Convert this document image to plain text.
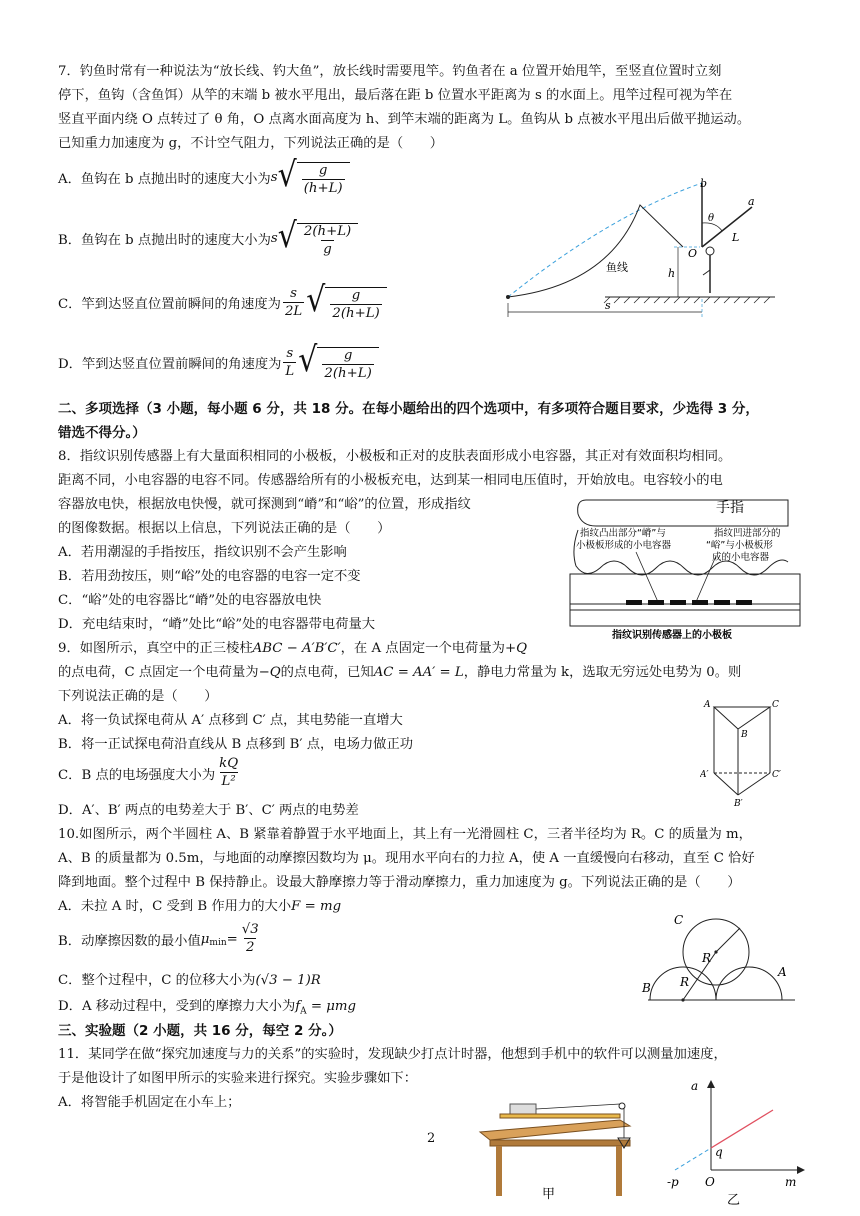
7．钓鱼时常有一种说法为“放长线、钓大鱼”，放长线时需要甩竿。钓鱼者在 a 位置开始甩竿，至竖直位置时立刻
停下，鱼钩（含鱼饵）从竿的末端 b 被水平甩出，最后落在距 b 位置水平距离为 s 的水面上。甩竿过程可视为竿在
竖直平面内绕 O 点转过了 θ 角，O 点离水面高度为 h、到竿末端的距离为 L。鱼钩从 b 点被水平甩出后做平抛运动。
已知重力加速度为 g，不计空气阻力，下列说法正确的是（　　）
A．鱼钩在 b 点抛出时的速度大小为 s √ $\frac{g}{(h+L)}$
B．鱼钩在 b 点抛出时的速度大小为 s √ $\frac{2(h+L)}{g}$
C．竿到达竖直位置前瞬间的角速度为 $\frac{s}{2L}$ √ $\frac{g}{2(h+L)}$
D．竿到达竖直位置前瞬间的角速度为 $\frac{s}{L}$ √ $\frac{g}{2(h+L)}$
b
a
O
θ
L
h
s
鱼线
二、多项选择（3 小题，每小题 6 分，共 18 分。在每小题给出的四个选项中，有多项符合题目要求，少选得 3 分，
错选不得分。）
8．指纹识别传感器上有大量面积相同的小极板，小极板和正对的皮肤表面形成小电容器，其正对有效面积均相同。
距离不同，小电容器的电容不同。传感器给所有的小极板充电，达到某一相同电压值时，开始放电。电容较小的电
容器放电快，根据放电快慢，就可探测到“嵴”和“峪”的位置，形成指纹
的图像数据。根据以上信息，下列说法正确的是（　　）
A．若用潮湿的手指按压，指纹识别不会产生影响
B．若用劲按压，则“峪”处的电容器的电容一定不变
C．“峪”处的电容器比“嵴”处的电容器放电快
D．充电结束时，“嵴”处比“峪”处的电容器带电荷量大
手指
指纹凸出部分“嵴”与
小极板形成的小电容器
指纹凹进部分的
“峪”与小极板形
成的小电容器
指纹识别传感器上的小极板
9．如图所示，真空中的正三棱柱ABC − A′B′C′，在 A 点固定一个电荷量为+Q
的点电荷，C 点固定一个电荷量为−Q的点电荷，已知AC = AA′ = L，静电力常量为 k，选取无穷远处电势为 0。则
下列说法正确的是（　　）
A．将一负试探电荷从 A′ 点移到 C′ 点，其电势能一直增大
B．将一正试探电荷沿直线从 B 点移到 B′ 点，电场力做正功
C．B 点的电场强度大小为 $\frac{kQ}{\text{L²}}$
D．A′、B′ 两点的电势差大于 B′、C′ 两点的电势差
A	C
B
A′	C′
B′
10.如图所示，两个半圆柱 A、B 紧靠着静置于水平地面上，其上有一光滑圆柱 C，三者半径均为 R。C 的质量为 m，
A、B 的质量都为 0.5m，与地面的动摩擦因数均为 μ。现用水平向右的力拉 A，使 A 一直缓慢向右移动，直至 C 恰好
降到地面。整个过程中 B 保持静止。设最大静摩擦力等于滑动摩擦力，重力加速度为 g。下列说法正确的是（　　）
A．未拉 A 时，C 受到 B 作用力的大小F = mg
B．动摩擦因数的最小值 $\mu_{min} = \frac{√3}{2}$
C．整个过程中，C 的位移大小为(√3 − 1)R
D．A 移动过程中，受到的摩擦力大小为$f_A = \mu mg$
C
B
A
R
R
三、实验题（2 小题，共 16 分，每空 2 分。）
11．某同学在做“探究加速度与力的关系”的实验时，发现缺少打点计时器，他想到手机中的软件可以测量加速度，
于是他设计了如图甲所示的实验来进行探究。实验步骤如下：
A．将智能手机固定在小车上；
甲
2
a
m
O
-p
q
乙
